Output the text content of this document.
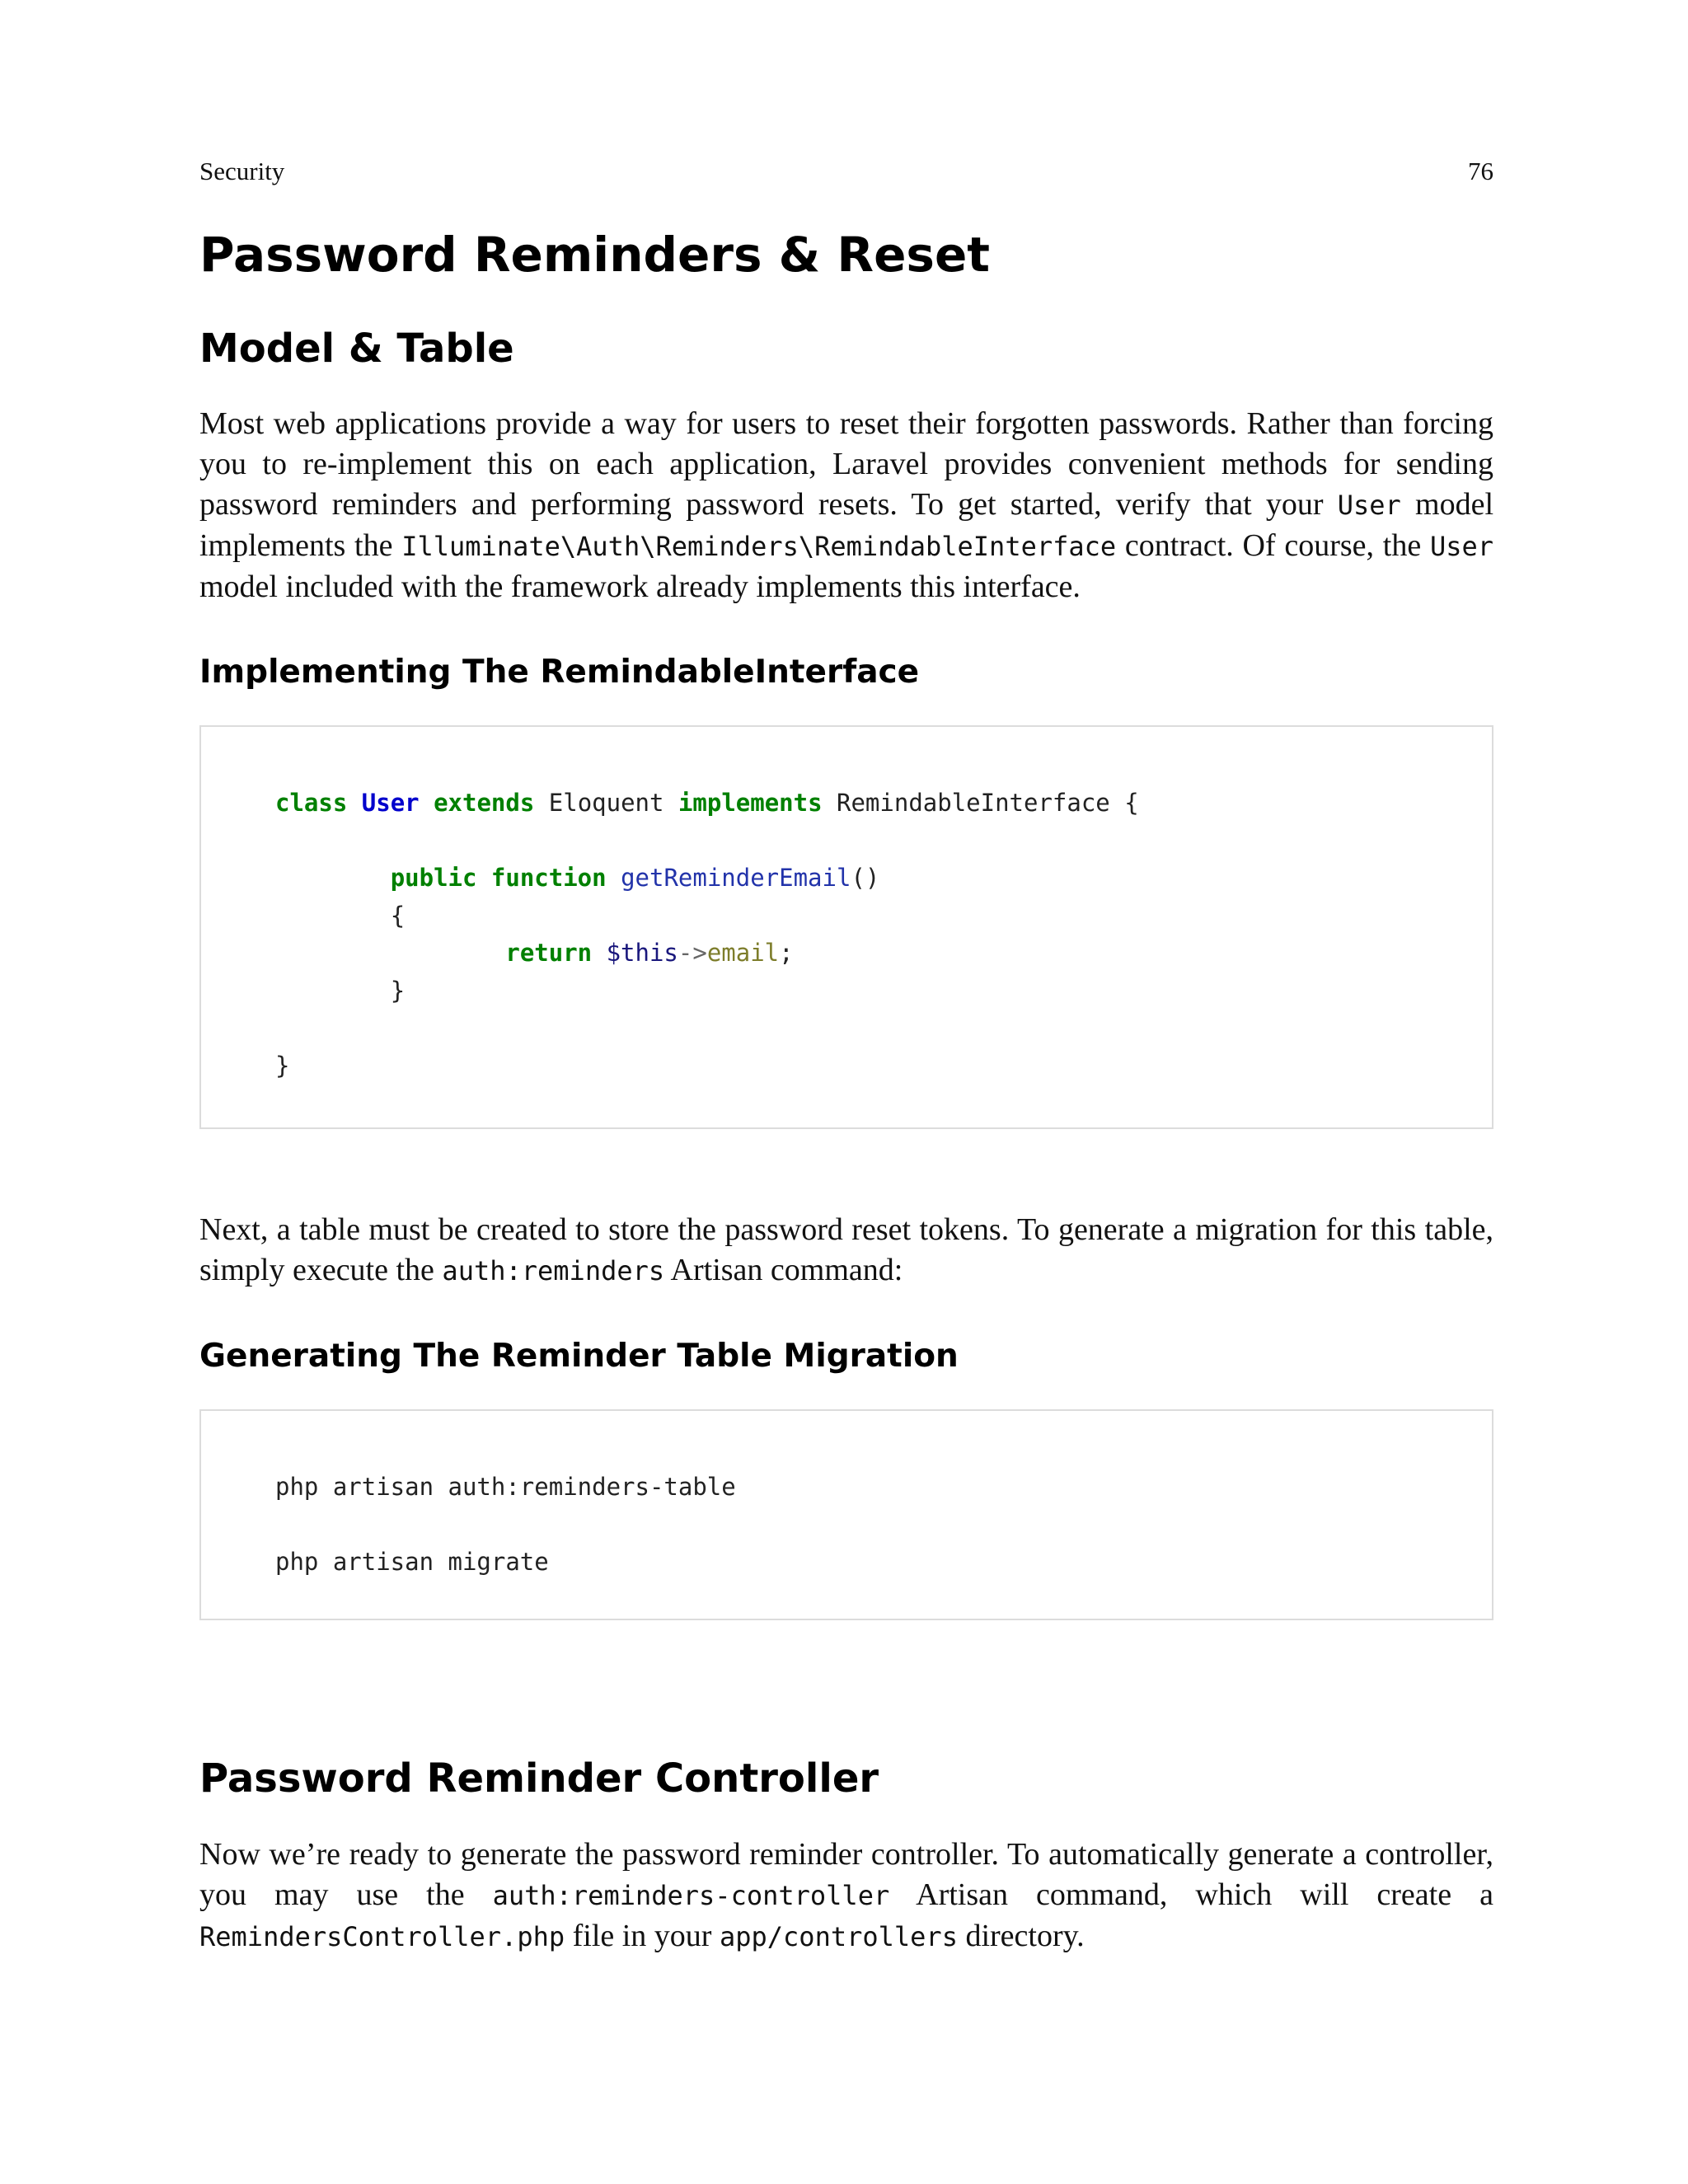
Security	76
Password Reminders & Reset
Model & Table

Most web applications provide a way for users to reset their forgotten passwords. Rather than forcing you to re-implement this on each application, Laravel provides convenient methods for sending password reminders and performing password resets. To get started, verify that your User model implements the Illuminate\Auth\Reminders\RemindableInterface contract. Of course, the User model included with the framework already implements this interface.

Implementing The RemindableInterface
class User extends Eloquent implements RemindableInterface {
public function getReminderEmail()
{
return $this->email;
}
}

Next, a table must be created to store the password reset tokens. To generate a migration for this table, simply execute the auth:reminders Artisan command:

Generating The Reminder Table Migration
php artisan auth:reminders-table
php artisan migrate
Password Reminder Controller

Now we’re ready to generate the password reminder controller. To automatically generate a controller, you may use the auth:reminders-controller Artisan command, which will create a RemindersController.php file in your app/controllers directory.
